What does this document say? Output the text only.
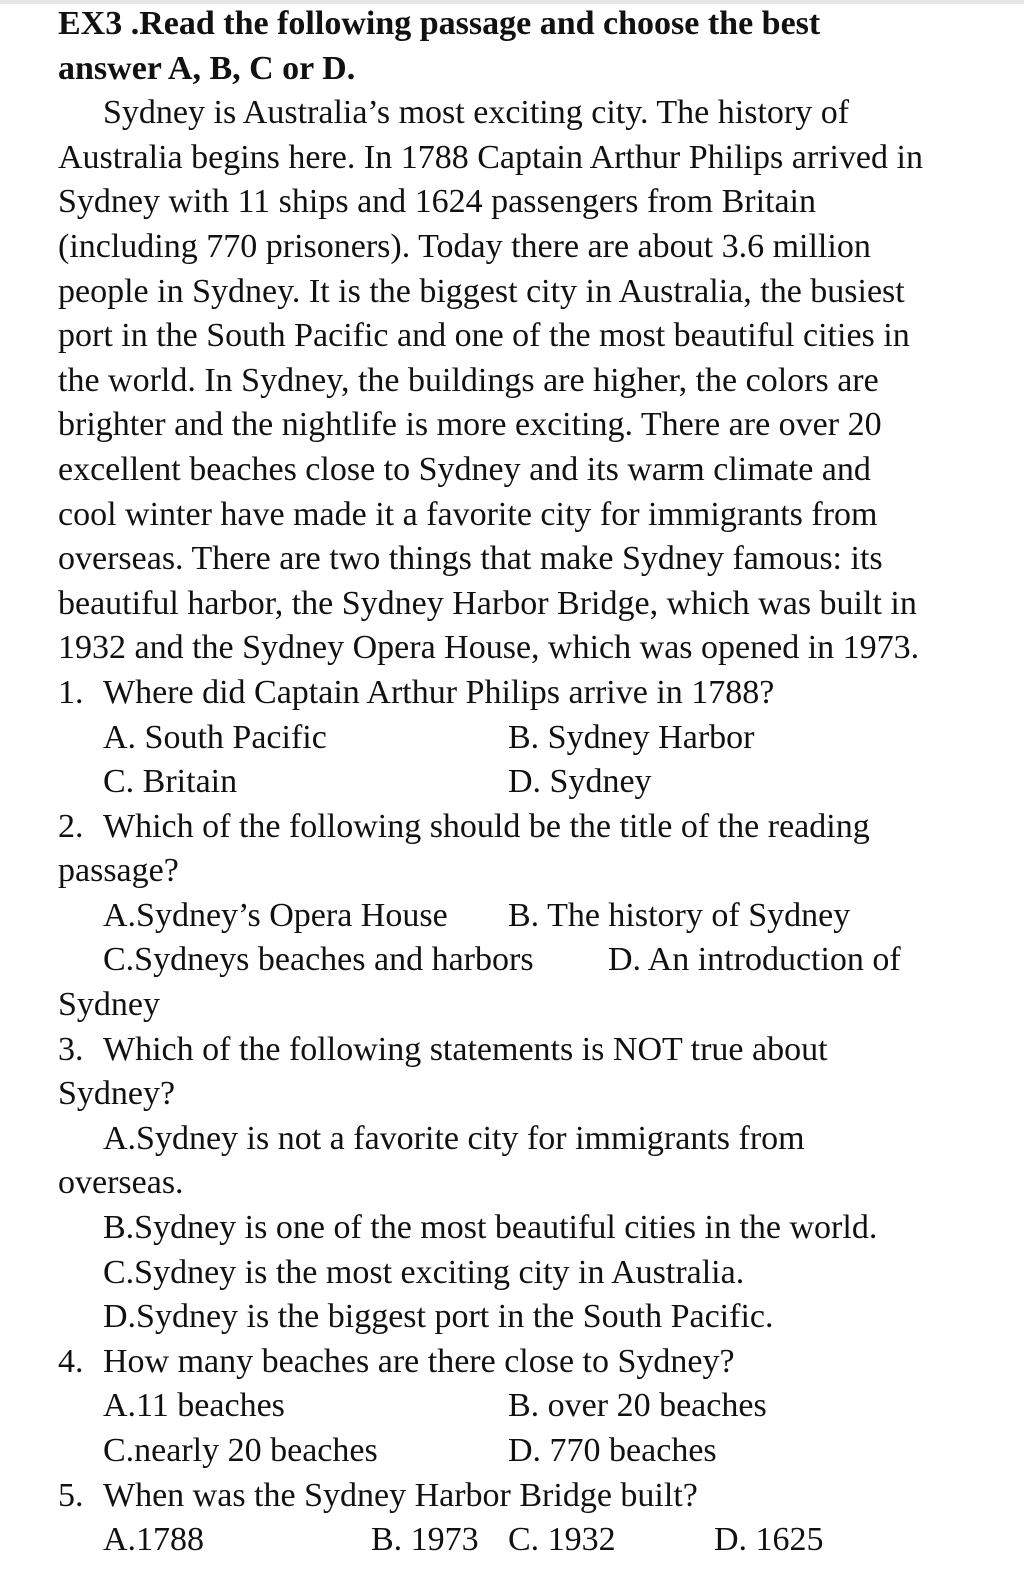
EX3 .Read the following passage and choose the best
answer A, B, C or D.
Sydney is Australia’s most exciting city. The history of
Australia begins here. In 1788 Captain Arthur Philips arrived in
Sydney with 11 ships and 1624 passengers from Britain
(including 770 prisoners). Today there are about 3.6 million
people in Sydney. It is the biggest city in Australia, the busiest
port in the South Pacific and one of the most beautiful cities in
the world. In Sydney, the buildings are higher, the colors are
brighter and the nightlife is more exciting. There are over 20
excellent beaches close to Sydney and its warm climate and
cool winter have made it a favorite city for immigrants from
overseas. There are two things that make Sydney famous: its
beautiful harbor, the Sydney Harbor Bridge, which was built in
1932 and the Sydney Opera House, which was opened in 1973.
1. Where did Captain Arthur Philips arrive in 1788?
A. South Pacific	B. Sydney Harbor
C. Britain	D. Sydney
2. Which of the following should be the title of the reading
passage?
A.Sydney’s Opera House B. The history of Sydney
C.Sydneys beaches and harbors D. An introduction of
Sydney
3. Which of the following statements is NOT true about
Sydney?
A.Sydney is not a favorite city for immigrants from
overseas.
B.Sydney is one of the most beautiful cities in the world.
C.Sydney is the most exciting city in Australia.
D.Sydney is the biggest port in the South Pacific.
4. How many beaches are there close to Sydney?
A.11 beaches	B. over 20 beaches
C.nearly 20 beaches	D. 770 beaches
5. When was the Sydney Harbor Bridge built?
A.1788	B. 1973 C. 1932	D. 1625
